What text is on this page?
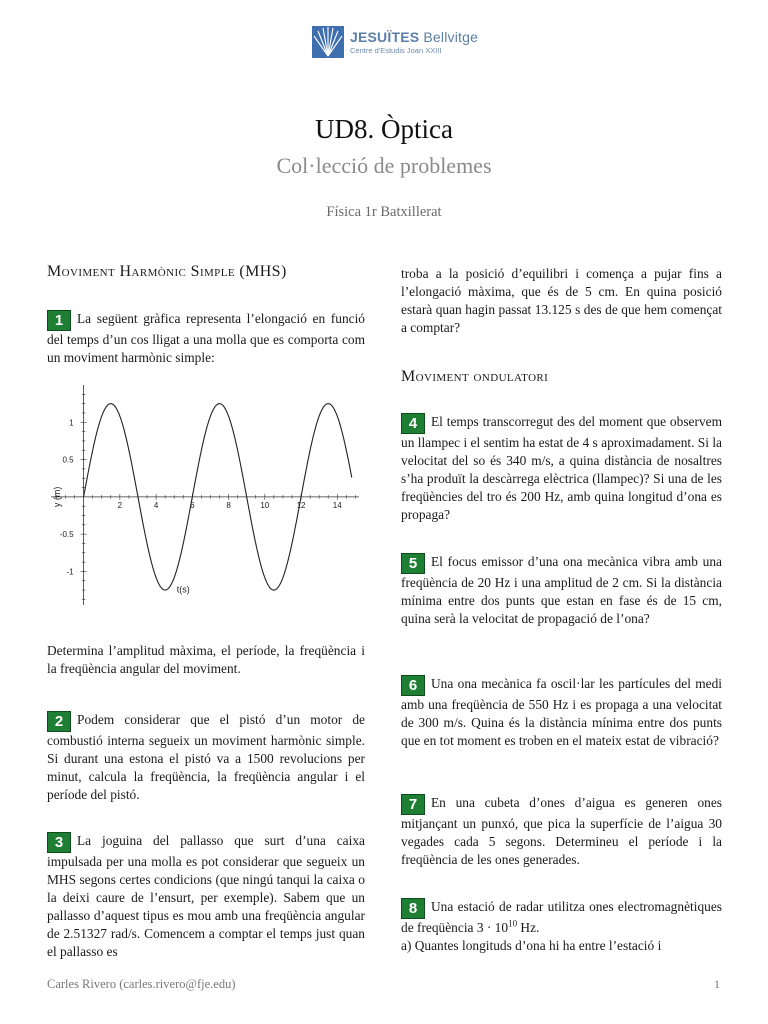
JESUÏTES Bellvitge
Centre d'Estudis Joan XXIII
UD8. Òptica
Col·lecció de problemes
Física 1r Batxillerat
Moviment Harmònic Simple (MHS)
1 La següent gràfica representa l’elongació en funció del temps d’un cos lligat a una molla que es comporta com un moviment harmònic simple:
2	4	6	8	10	12	14
1
0.5
-0.5
-1
t(s)
y (m)
Determina l’amplitud màxima, el període, la freqüència i la freqüència angular del moviment.
2 Podem considerar que el pistó d’un motor de combustió interna segueix un moviment harmònic simple. Si durant una estona el pistó va a 1500 revolucions per minut, calcula la freqüència, la freqüència angular i el període del pistó.
3 La joguina del pallasso que surt d’una caixa impulsada per una molla es pot considerar que segueix un MHS segons certes condicions (que ningú tanqui la caixa o la deixi caure de l’ensurt, per exemple). Sabem que un pallasso d’aquest tipus es mou amb una freqüència angular de 2.51327 rad/s. Comencem a comptar el temps just quan el pallasso es
troba a la posició d’equilibri i comença a pujar fins a l’elongació màxima, que és de 5 cm. En quina posició estarà quan hagin passat 13.125 s des de que hem començat a comptar?
Moviment ondulatori
4 El temps transcorregut des del moment que observem un llampec i el sentim ha estat de 4 s aproximadament. Si la velocitat del so és 340 m/s, a quina distància de nosaltres s’ha produït la descàrrega elèctrica (llampec)? Si una de les freqüències del tro és 200 Hz, amb quina longitud d’ona es propaga?
5 El focus emissor d’una ona mecànica vibra amb una freqüència de 20 Hz i una amplitud de 2 cm. Si la distància mínima entre dos punts que estan en fase és de 15 cm, quina serà la velocitat de propagació de l’ona?
6 Una ona mecànica fa oscil·lar les partícules del medi amb una freqüència de 550 Hz i es propaga a una velocitat de 300 m/s. Quina és la distància mínima entre dos punts que en tot moment es troben en el mateix estat de vibració?
7 En una cubeta d’ones d’aigua es generen ones mitjançant un punxó, que pica la superfície de l’aigua 30 vegades cada 5 segons. Determineu el període i la freqüència de les ones generades.
8 Una estació de radar utilitza ones electromagnètiques de freqüència $3 \cdot 10^{10}$ Hz.
a) Quantes longituds d’ona hi ha entre l’estació i
Carles Rivero (carles.rivero@fje.edu)	1
